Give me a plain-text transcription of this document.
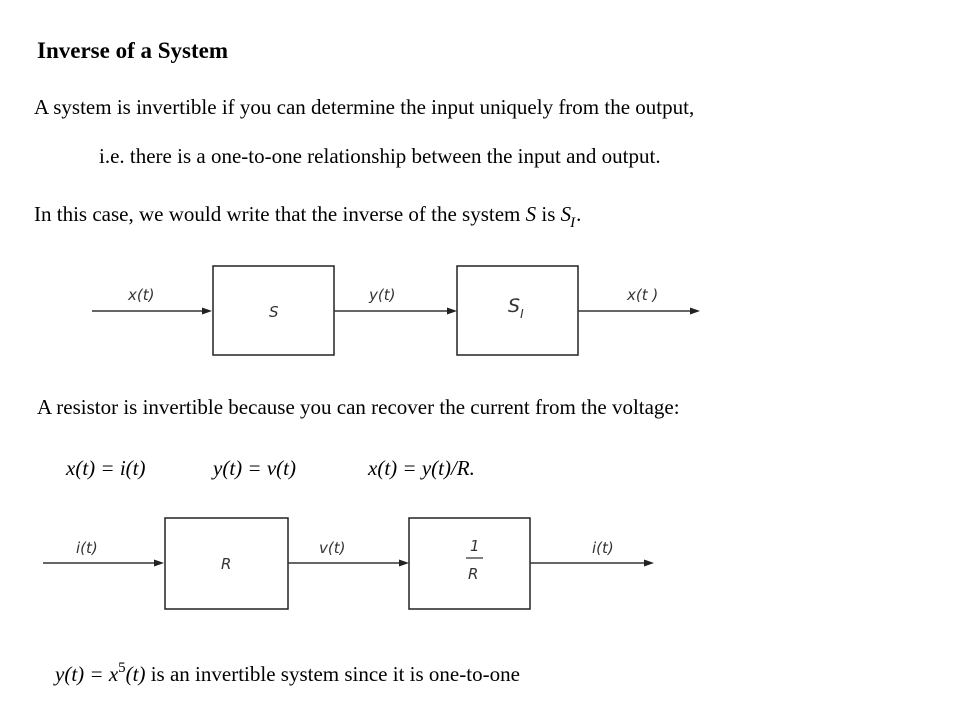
Inverse of a System
A system is invertible if you can determine the input uniquely from the output,
i.e. there is a one-to-one relationship between the input and output.
In this case, we would write that the inverse of the system S is $S_I$.
x(t)
S
y(t)	$S_I$
x(t )
A resistor is invertible because you can recover the current from the voltage:
x(t) = i(t)	y(t) = v(t)	x(t) = y(t)/R.
i(t)
R
v(t)	1
R
i(t)
$y(t) = x^5(t)$ is an invertible system since it is one-to-one
